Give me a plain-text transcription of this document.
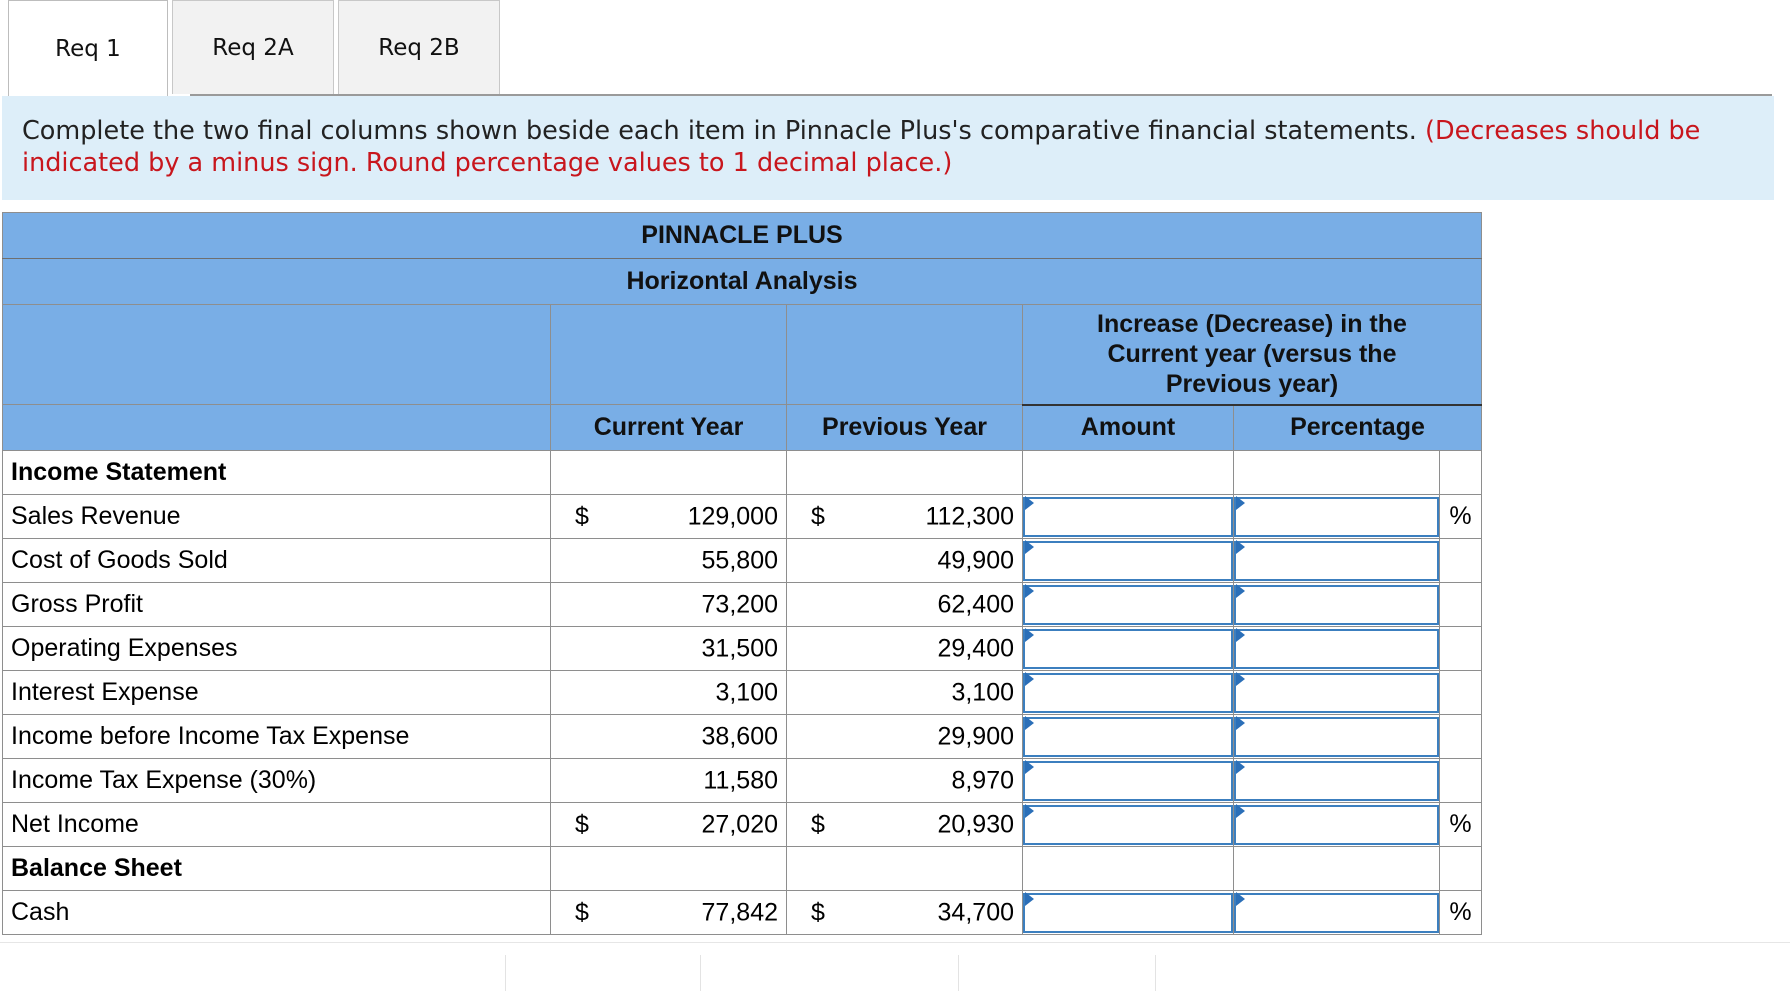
Req 1	Req 2A	Req 2B
Complete the two final columns shown beside each item in Pinnacle Plus's comparative financial statements. (Decreases should be indicated by a minus sign. Round percentage values to 1 decimal place.)
PINNACLE PLUS					
Horizontal Analysis					
			Increase (Decrease) in the Current year (versus the Previous year)		
	Current Year	Previous Year	Amount	Percentage	
Income Statement					
Sales Revenue	$ 129,000	$ 112,300			%
Cost of Goods Sold	55,800	49,900

Gross Profit	73,200	62,400

Operating Expenses	31,500	29,400

Interest Expense	3,100	3,100

Income before Income Tax Expense	38,600	29,900

Income Tax Expense (30%)	11,580	8,970

Net Income	$ 27,020	$ 20,930			%
Balance Sheet					
Cash	$ 77,842	$ 34,700			%
